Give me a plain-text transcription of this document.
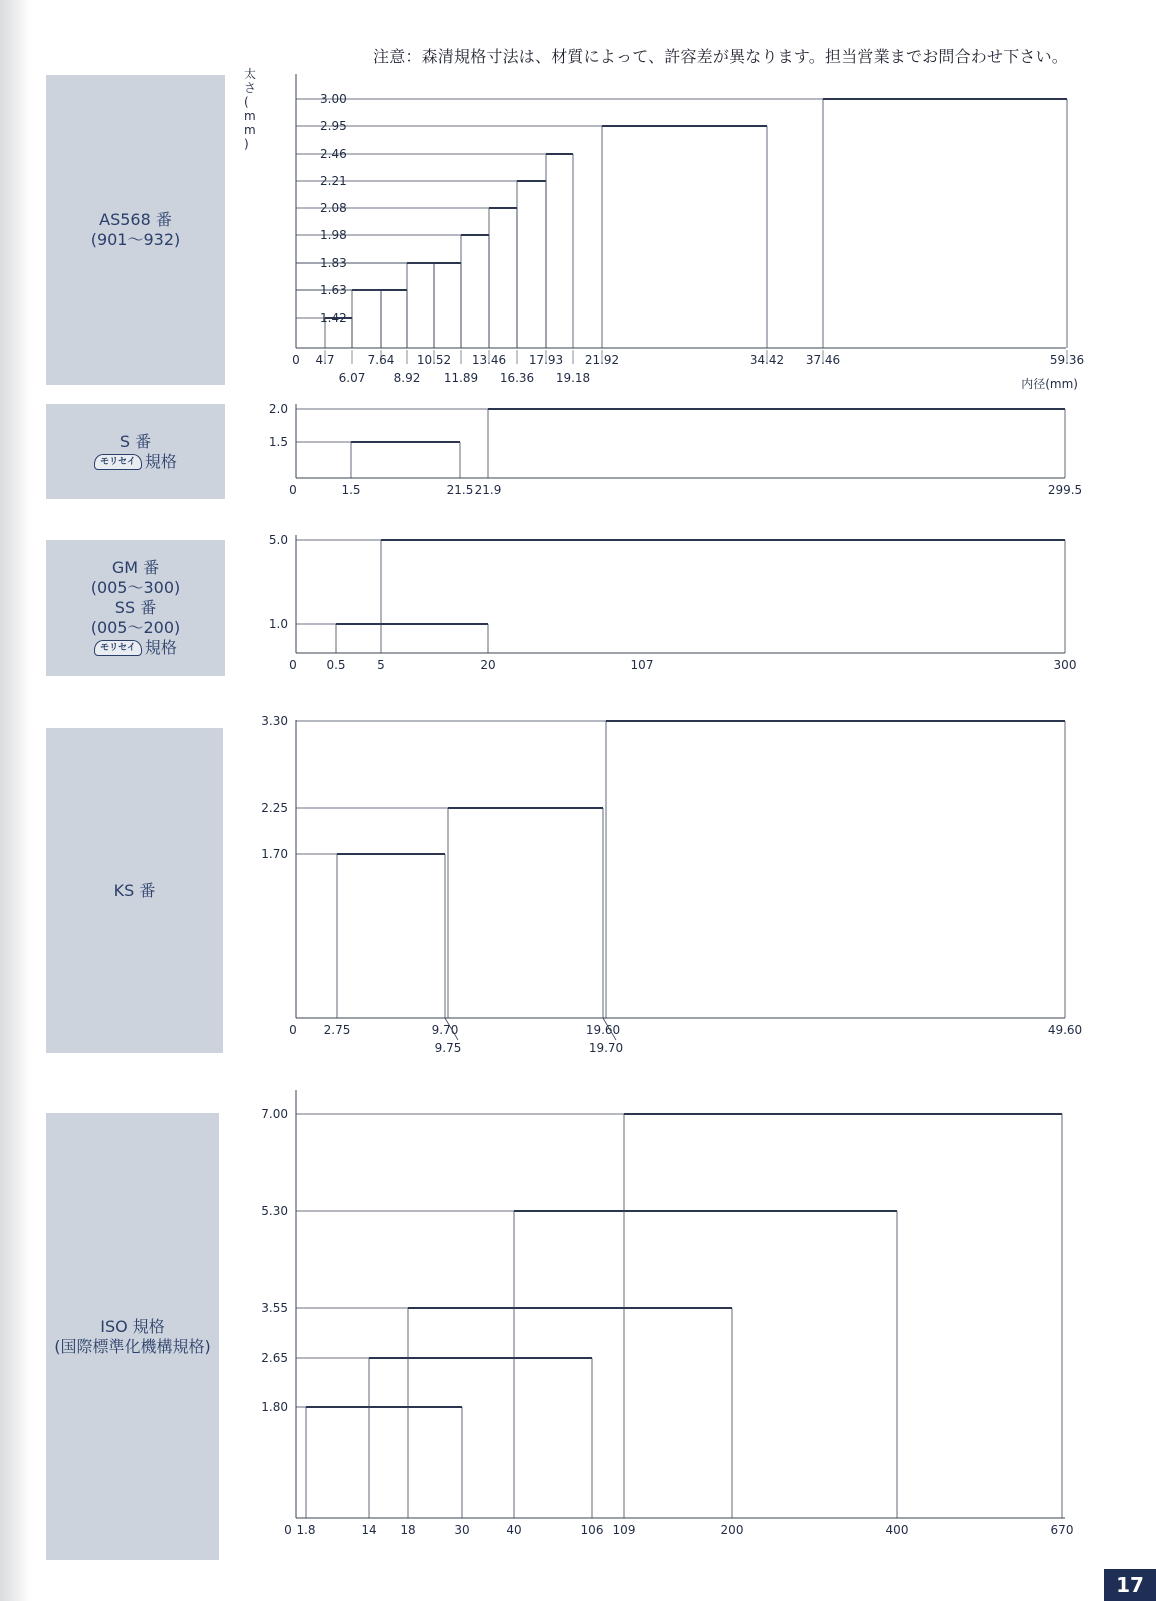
注意：森清規格寸法は、材質によって、許容差が異なります。担当営業までお問合わせ下さい。
AS568 番
(901～932)
S 番
モリセイ 規格
GM 番
(005～300)
SS 番
(005～200)
モリセイ 規格
KS 番
ISO 規格
(国際標準化機構規格)
太さ( m m )
内径(mm)
1.42
1.63
1.83
1.98
2.08
2.21
2.46
2.95
3.00
0 4.7
6.07
7.64
8.92
10.52
11.89
13.46
16.36
17.93
19.18
21.92	34.42 37.46	59.36
1.5
2.0
0	1.5	21.5 21.9	299.5
1.0
5.0
0 0.5	5	20	107	300
1.70
2.25
3.30
0 2.75	9.70
9.75
19.60
19.70
49.60
1.80
2.65
3.55
5.30
7.00
0 1.8	14 18	30	40	106 109	200	400	670
17
